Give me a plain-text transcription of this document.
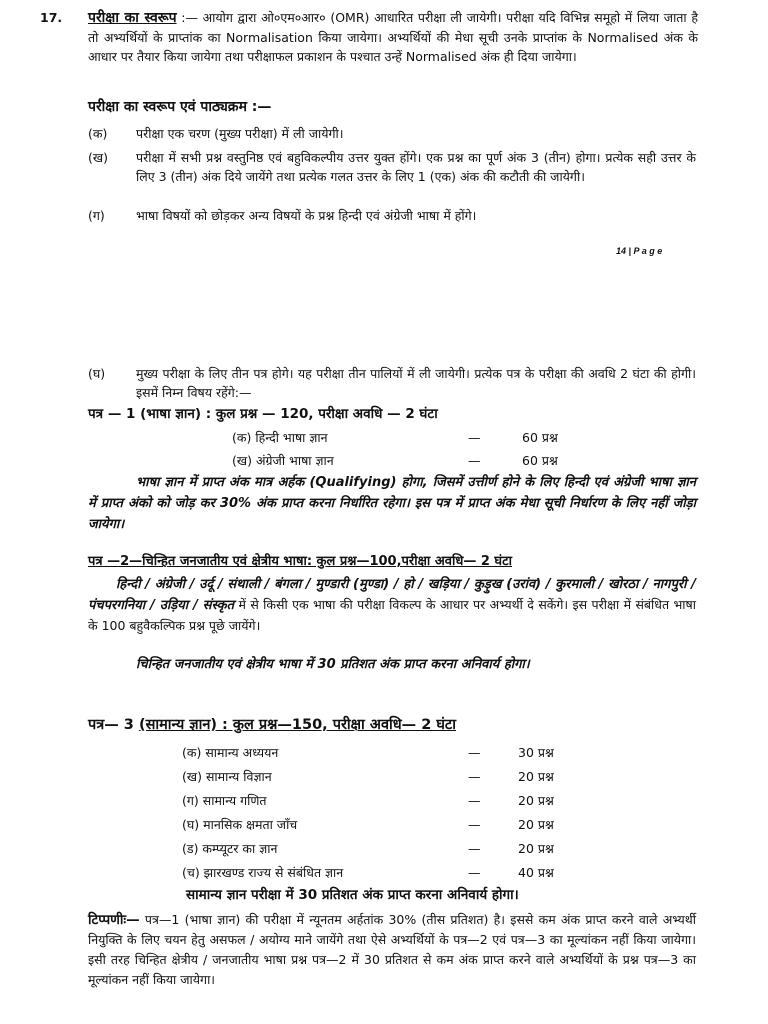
17. परीक्षा का स्वरूप :— आयोग द्वारा ओ०एम०आर० (OMR) आधारित परीक्षा ली जायेगी। परीक्षा यदि विभिन्न समूहो में लिया जाता है तो अभ्यर्थियों के प्राप्तांक का Normalisation किया जायेगा। अभ्यर्थियों की मेधा सूची उनके प्राप्तांक के Normalised अंक के आधार पर तैयार किया जायेगा तथा परीक्षाफल प्रकाशन के पश्चात उन्हें Normalised अंक ही दिया जायेगा।
परीक्षा का स्वरूप एवं पाठ्यक्रम :—
(क) परीक्षा एक चरण (मुख्य परीक्षा) में ली जायेगी।
(ख) परीक्षा में सभी प्रश्न वस्तुनिष्ठ एवं बहुविकल्पीय उत्तर युक्त होंगे। एक प्रश्न का पूर्ण अंक 3 (तीन) होगा। प्रत्येक सही उत्तर के लिए 3 (तीन) अंक दिये जायेंगे तथा प्रत्येक गलत उत्तर के लिए 1 (एक) अंक की कटौती की जायेगी।
(ग) भाषा विषयों को छोड़कर अन्य विषयों के प्रश्न हिन्दी एवं अंग्रेजी भाषा में होंगे।
14 | P a g e
(घ) मुख्य परीक्षा के लिए तीन पत्र होगे। यह परीक्षा तीन पालियों में ली जायेगी। प्रत्येक पत्र के परीक्षा की अवधि 2 घंटा की होगी। इसमें निम्न विषय रहेंगे:—
पत्र — 1 (भाषा ज्ञान) : कुल प्रश्न — 120, परीक्षा अवधि — 2 घंटा
(क) हिन्दी भाषा ज्ञान	—	60 प्रश्न
(ख) अंग्रेजी भाषा ज्ञान	—	60 प्रश्न
भाषा ज्ञान में प्राप्त अंक मात्र अर्हक (Qualifying) होगा, जिसमें उत्तीर्ण होने के लिए हिन्दी एवं अंग्रेजी भाषा ज्ञान में प्राप्त अंको को जोड़ कर 30% अंक प्राप्त करना निर्धारित रहेगा। इस पत्र में प्राप्त अंक मेधा सूची निर्धारण के लिए नहीं जोड़ा जायेगा।
पत्र —2—चिन्हित जनजातीय एवं क्षेत्रीय भाषा: कुल प्रश्न—100,परीक्षा अवधि— 2 घंटा
हिन्दी / अंग्रेजी / उर्दू / संथाली / बंगला / मुण्डारी (मुण्डा) / हो / खड़िया / कुड़ुख (उरांव) / कुरमाली / खोरठा / नागपुरी / पंचपरगनिया / उड़िया / संस्कृत में से किसी एक भाषा की परीक्षा विकल्प के आधार पर अभ्यर्थी दे सकेंगे। इस परीक्षा में संबंधित भाषा के 100 बहुवैकल्पिक प्रश्न पूछे जायेंगे।
चिन्हित जनजातीय एवं क्षेत्रीय भाषा में 30 प्रतिशत अंक प्राप्त करना अनिवार्य होगा।
पत्र— 3 (सामान्य ज्ञान) : कुल प्रश्न—150, परीक्षा अवधि— 2 घंटा
(क) सामान्य अध्ययन	—	30 प्रश्न
(ख) सामान्य विज्ञान	—	20 प्रश्न
(ग) सामान्य गणित	—	20 प्रश्न
(घ) मानसिक क्षमता जाँच	—	20 प्रश्न
(ड) कम्प्यूटर का ज्ञान	—	20 प्रश्न
(च) झारखण्ड राज्य से संबंधित ज्ञान	—	40 प्रश्न
सामान्य ज्ञान परीक्षा में 30 प्रतिशत अंक प्राप्त करना अनिवार्य होगा।
टिप्पणीः— पत्र—1 (भाषा ज्ञान) की परीक्षा में न्यूनतम अर्हतांक 30% (तीस प्रतिशत) है। इससे कम अंक प्राप्त करने वाले अभ्यर्थी नियुक्ति के लिए चयन हेतु असफल / अयोग्य माने जायेंगे तथा ऐसे अभ्यर्थियों के पत्र—2 एवं पत्र—3 का मूल्यांकन नहीं किया जायेगा। इसी तरह चिन्हित क्षेत्रीय / जनजातीय भाषा प्रश्न पत्र—2 में 30 प्रतिशत से कम अंक प्राप्त करने वाले अभ्यर्थियों के प्रश्न पत्र—3 का मूल्यांकन नहीं किया जायेगा।
